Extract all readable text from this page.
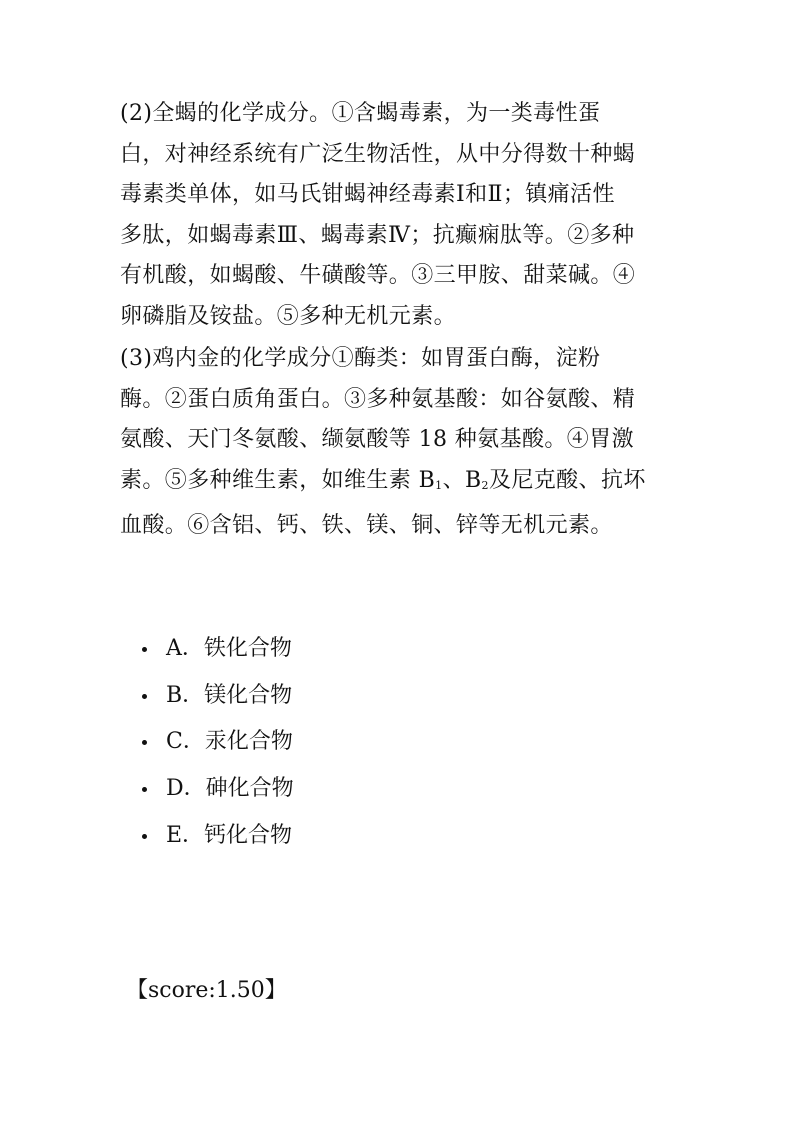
(2)全蝎的化学成分。①含蝎毒素，为一类毒性蛋

白，对神经系统有广泛生物活性，从中分得数十种蝎

毒素类单体，如马氏钳蝎神经毒素Ⅰ和Ⅱ；镇痛活性

多肽，如蝎毒素Ⅲ、蝎毒素Ⅳ；抗癫痫肽等。②多种

有机酸，如蝎酸、牛磺酸等。③三甲胺、甜菜碱。④

卵磷脂及铵盐。⑤多种无机元素。

(3)鸡内金的化学成分①酶类：如胃蛋白酶，淀粉

酶。②蛋白质角蛋白。③多种氨基酸：如谷氨酸、精

氨酸、天门冬氨酸、缬氨酸等 18 种氨基酸。④胃激

素。⑤多种维生素，如维生素 $B_1$、$B_2$及尼克酸、抗坏

血酸。⑥含铝、钙、铁、镁、铜、锌等无机元素。

A．铁化合物
B．镁化合物
C．汞化合物
D．砷化合物
E．钙化合物
【score:1.50】
